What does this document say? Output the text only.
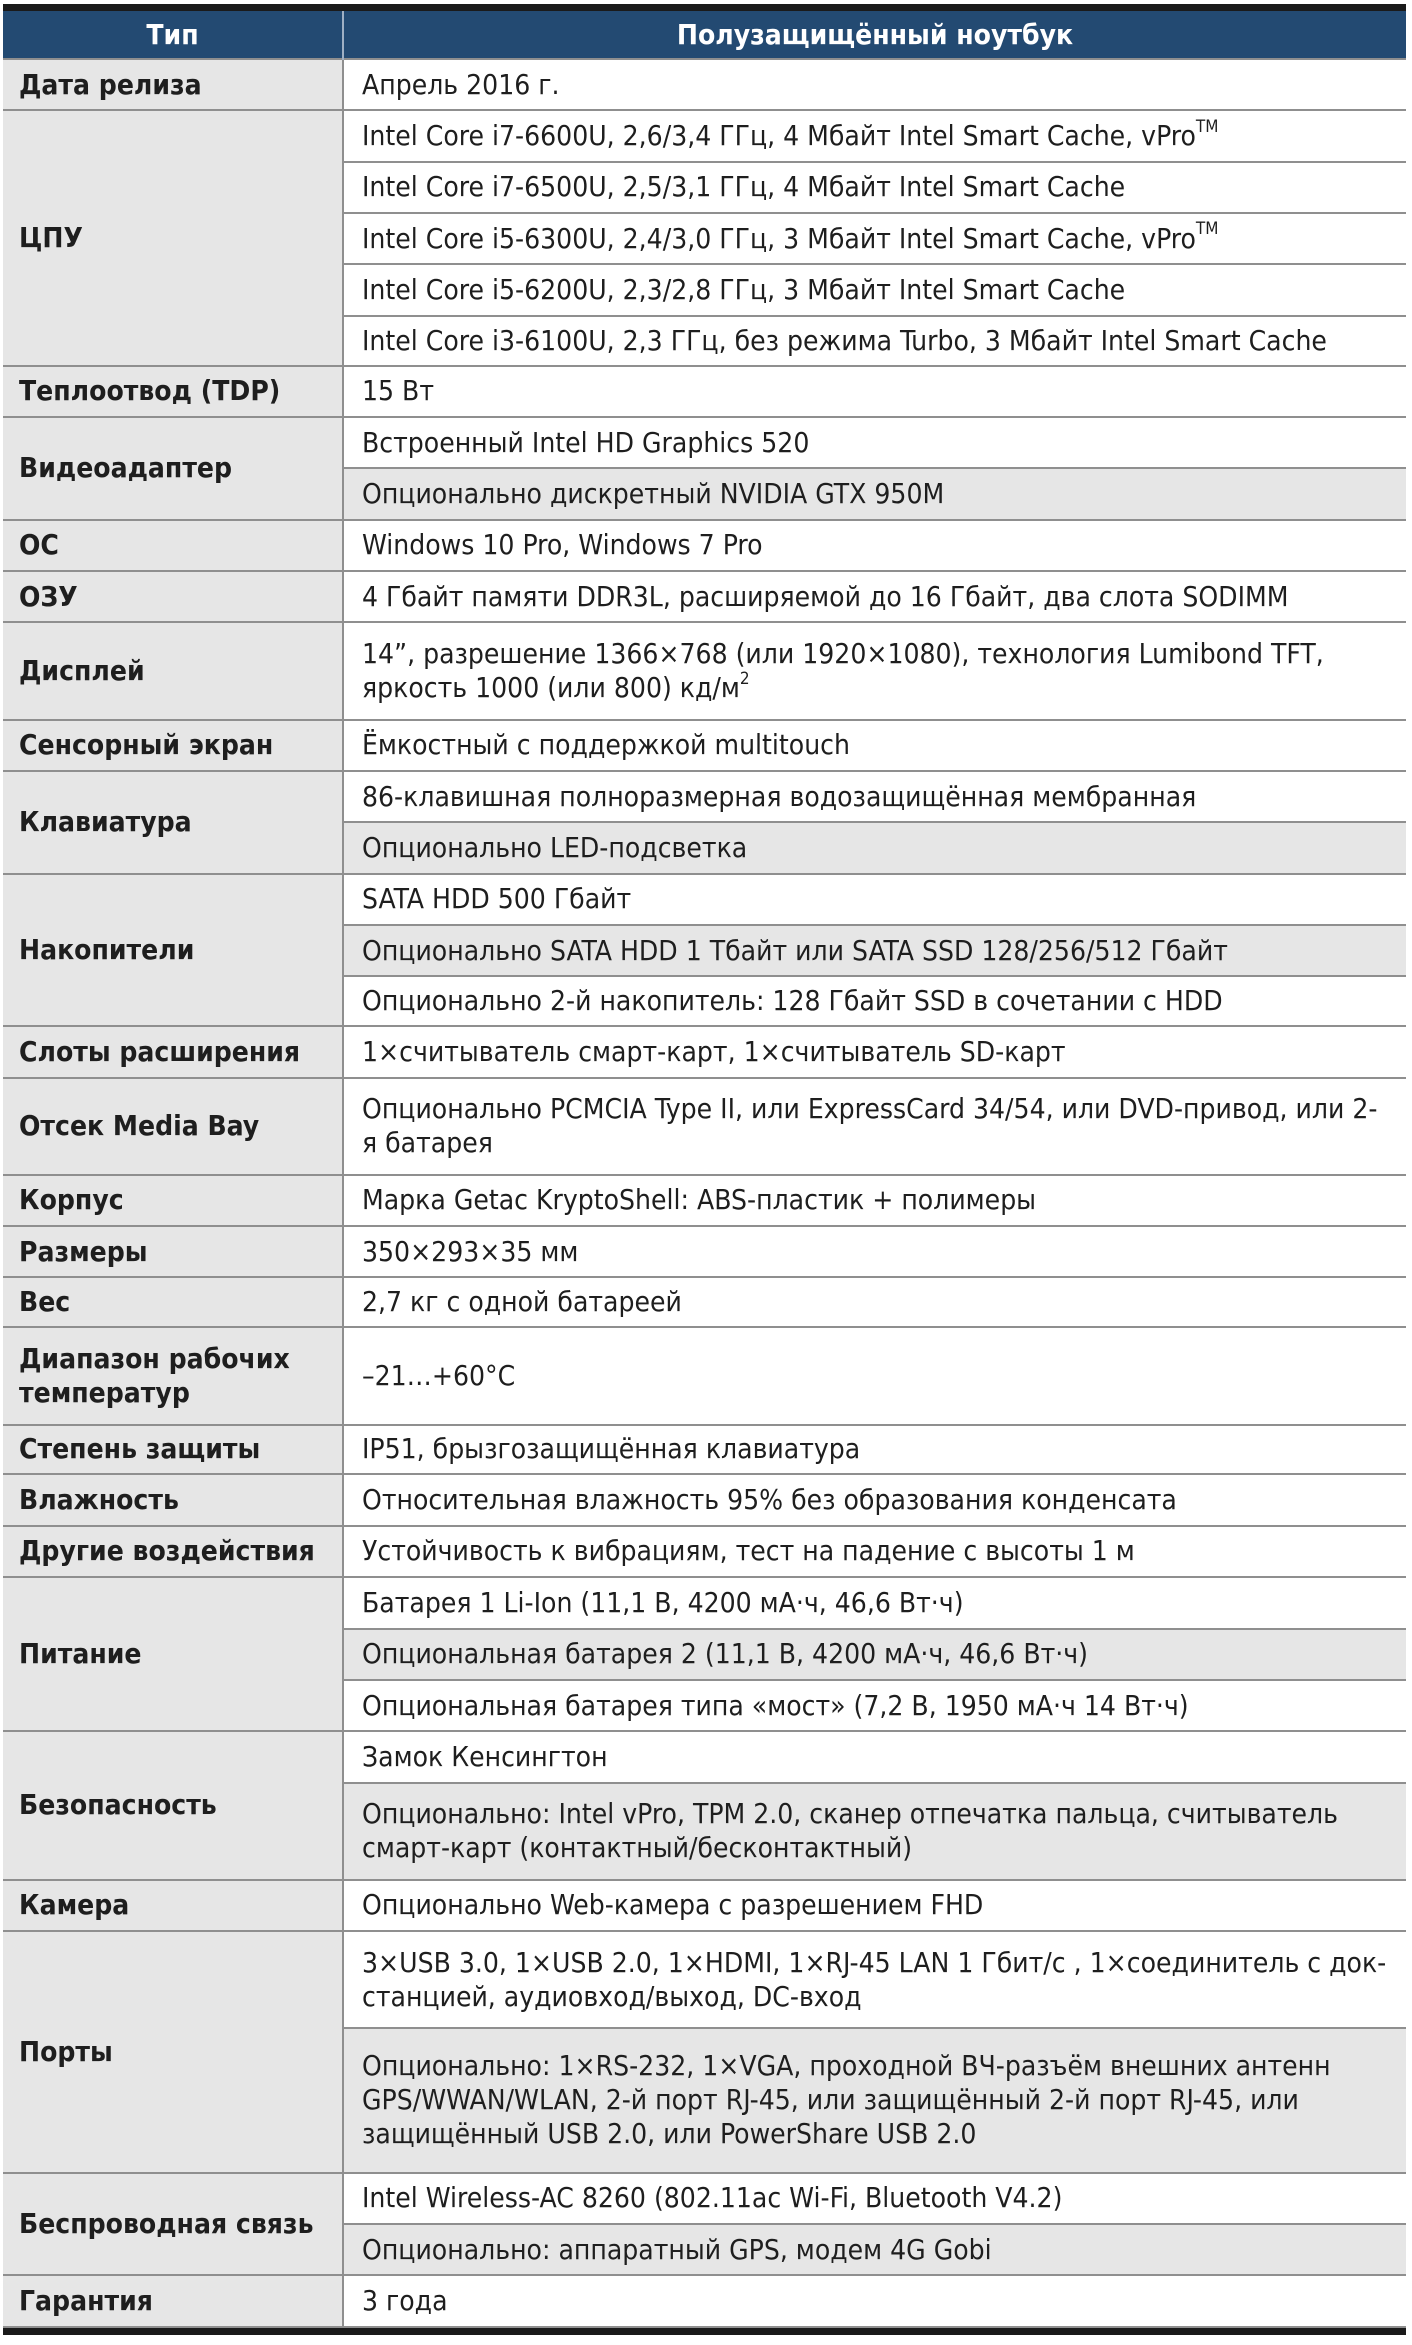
Тип	Полузащищённый ноутбук
Дата релиза	Апрель 2016 г.
ЦПУ	Intel Core i7-6600U, 2,6/3,4 ГГц, 4 Мбайт Intel Smart Cache, vPro™
	Intel Core i7-6500U, 2,5/3,1 ГГц, 4 Мбайт Intel Smart Cache
	Intel Core i5-6300U, 2,4/3,0 ГГц, 3 Мбайт Intel Smart Cache, vPro™
	Intel Core i5-6200U, 2,3/2,8 ГГц, 3 Мбайт Intel Smart Cache
	Intel Core i3-6100U, 2,3 ГГц, без режима Turbo, 3 Мбайт Intel Smart Cache
Теплоотвод (TDP)	15 Вт
Видеоадаптер	Встроенный Intel HD Graphics 520
	Опционально дискретный NVIDIA GTX 950M
ОС	Windows 10 Pro, Windows 7 Pro
ОЗУ	4 Гбайт памяти DDR3L, расширяемой до 16 Гбайт, два слота SODIMM
Дисплей	14”, разрешение 1366×768 (или 1920×1080), технология Lumibond TFT, яркость 1000 (или 800) $кд/м^2$
Сенсорный экран	Ёмкостный с поддержкой multitouch
Клавиатура	86-клавишная полноразмерная водозащищённая мембранная
	Опционально LED-подсветка
Накопители	SATA HDD 500 Гбайт
	Опционально SATA HDD 1 Тбайт или SATA SSD 128/256/512 Гбайт
	Опционально 2-й накопитель: 128 Гбайт SSD в сочетании с HDD
Слоты расширения	1×считыватель смарт-карт, 1×считыватель SD-карт
Отсек Media Bay	Опционально PCMCIA Type II, или ExpressCard 34/54, или DVD-привод, или 2-я батарея
Корпус	Марка Getac KryptoShell: ABS-пластик + полимеры
Размеры	350×293×35 мм
Вес	2,7 кг с одной батареей
Диапазон рабочих температур	–21…+60°C
Степень защиты	IP51, брызгозащищённая клавиатура
Влажность	Относительная влажность 95% без образования конденсата
Другие воздействия	Устойчивость к вибрациям, тест на падение с высоты 1 м
Питание	Батарея 1 Li-Ion (11,1 В, 4200 мА·ч, 46,6 Вт·ч)
	Опциональная батарея 2 (11,1 В, 4200 мА·ч, 46,6 Вт·ч)
	Опциональная батарея типа «мост» (7,2 В, 1950 мА·ч 14 Вт·ч)
Безопасность	Замок Кенсингтон
	Опционально: Intel vPro, TPM 2.0, сканер отпечатка пальца, считыватель смарт-карт (контактный/бесконтактный)
Камера	Опционально Web-камера с разрешением FHD
Порты	3×USB 3.0, 1×USB 2.0, 1×HDMI, 1×RJ-45 LAN 1 Гбит/с , 1×соединитель с док-станцией, аудиовход/выход, DC-вход
	Опционально: 1×RS-232, 1×VGA, проходной ВЧ-разъём внешних антенн GPS/WWAN/WLAN, 2-й порт RJ-45, или защищённый 2-й порт RJ-45, или защищённый USB 2.0, или PowerShare USB 2.0
Беспроводная связь	Intel Wireless-AC 8260 (802.11ac Wi-Fi, Bluetooth V4.2)
	Опционально: аппаратный GPS, модем 4G Gobi
Гарантия	3 года
